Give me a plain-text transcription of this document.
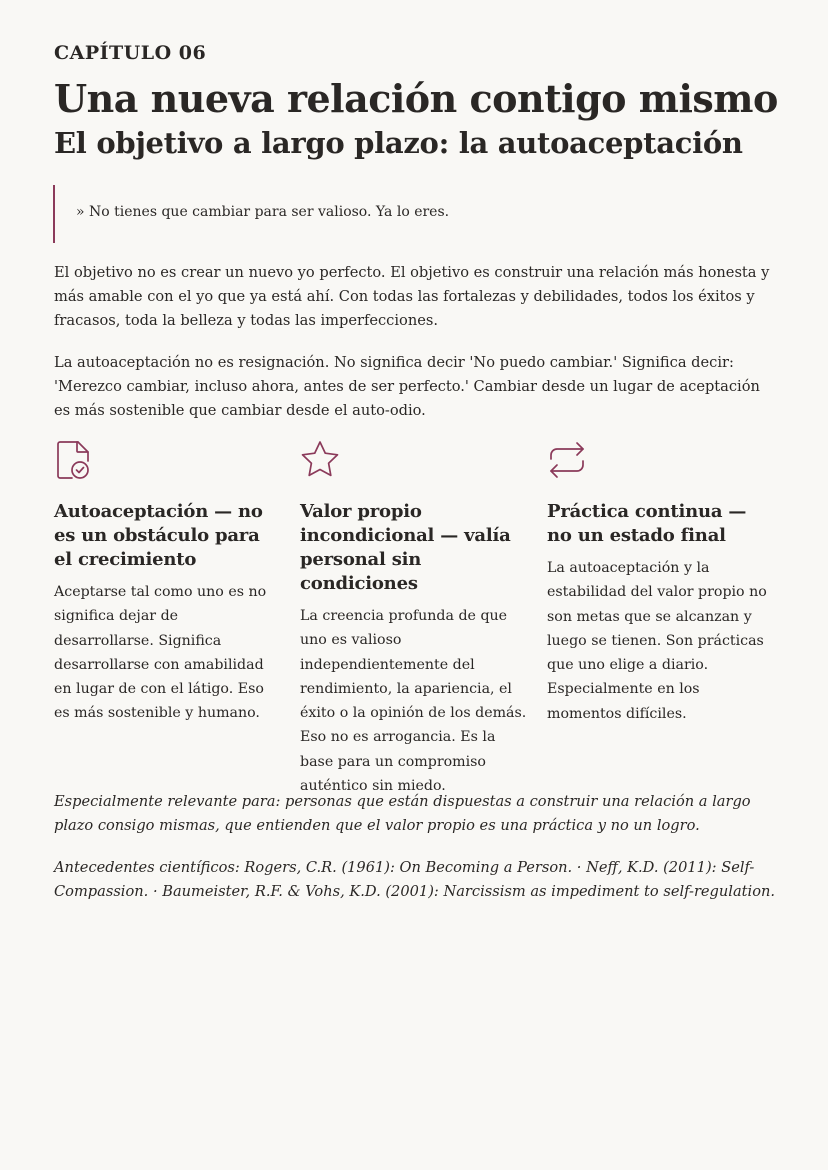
CAPÍTULO 06
Una nueva relación contigo mismo
El objetivo a largo plazo: la autoaceptación
» No tienes que cambiar para ser valioso. Ya lo eres.

El objetivo no es crear un nuevo yo perfecto. El objetivo es construir una relación más honesta y más amable con el yo que ya está ahí. Con todas las fortalezas y debilidades, todos los éxitos y fracasos, toda la belleza y todas las imperfecciones.

La autoaceptación no es resignación. No significa decir 'No puedo cambiar.' Significa decir: 'Merezco cambiar, incluso ahora, antes de ser perfecto.' Cambiar desde un lugar de aceptación es más sostenible que cambiar desde el auto-odio.

Autoaceptación — no es un obstáculo para el crecimiento
Aceptarse tal como uno es no significa dejar de desarrollarse. Significa desarrollarse con amabilidad en lugar de con el látigo. Eso es más sostenible y humano.
Valor propio incondicional — valía personal sin condiciones
La creencia profunda de que uno es valioso independientemente del rendimiento, la apariencia, el éxito o la opinión de los demás. Eso no es arrogancia. Es la base para un compromiso auténtico sin miedo.
Práctica continua — no un estado final
La autoaceptación y la estabilidad del valor propio no son metas que se alcanzan y luego se tienen. Son prácticas que uno elige a diario. Especialmente en los momentos difíciles.

Especialmente relevante para: personas que están dispuestas a construir una relación a largo plazo consigo mismas, que entienden que el valor propio es una práctica y no un logro.

Antecedentes científicos: Rogers, C.R. (1961): On Becoming a Person. · Neff, K.D. (2011): Self-Compassion. · Baumeister, R.F. & Vohs, K.D. (2001): Narcissism as impediment to self-regulation.
